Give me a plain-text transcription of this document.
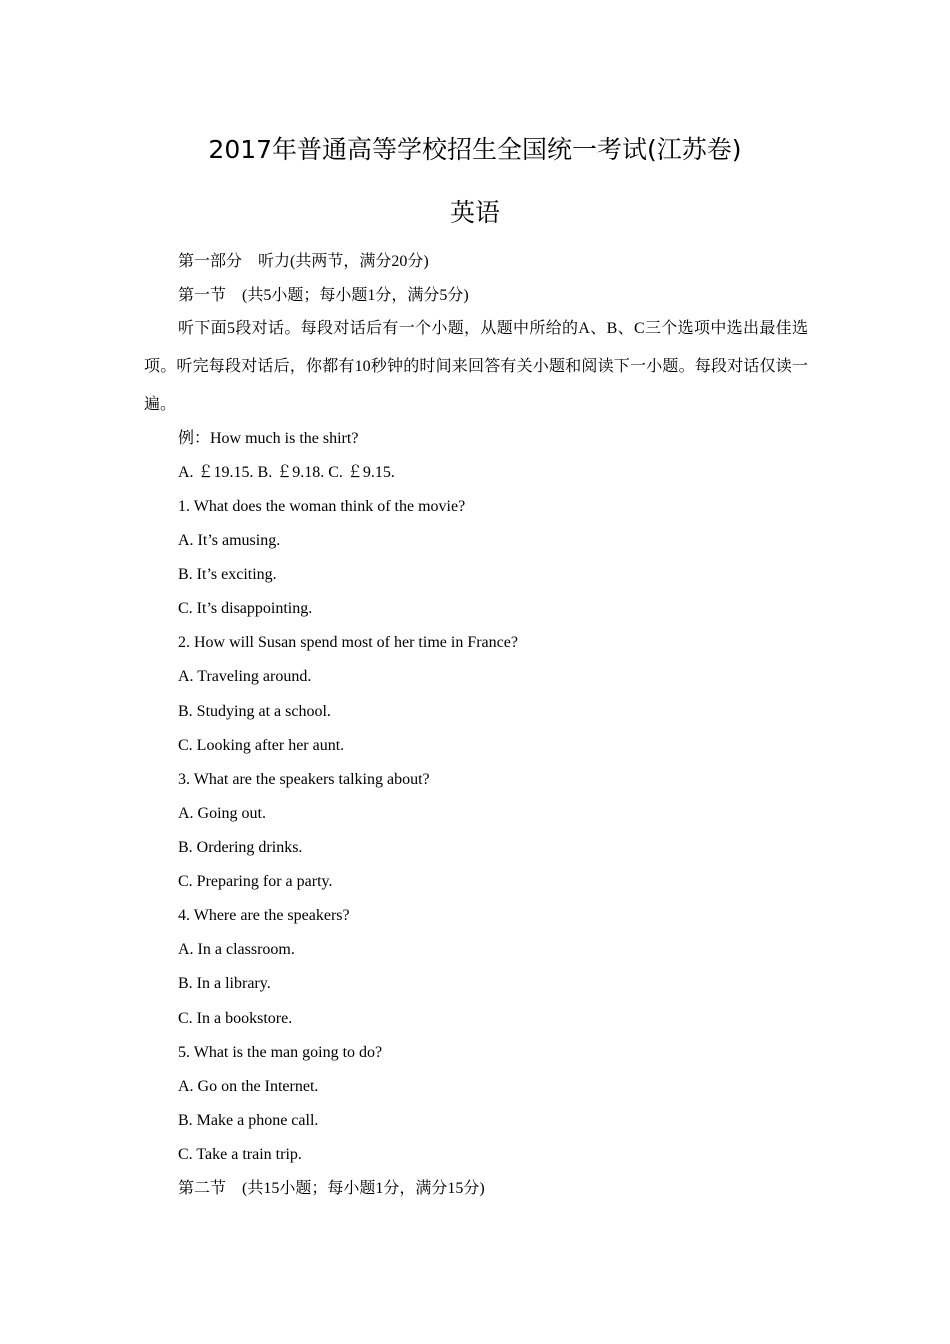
2017年普通高等学校招生全国统一考试(江苏卷)
英语
第一部分 听力(共两节，满分20分)
第一节 (共5小题；每小题1分，满分5分)
听下面5段对话。每段对话后有一个小题，从题中所给的A、B、C三个选项中选出最佳选项。听完每段对话后，你都有10秒钟的时间来回答有关小题和阅读下一小题。每段对话仅读一遍。
例：How much is the shirt?
A. ￡19.15. B. ￡9.18. C. ￡9.15.
1. What does the woman think of the movie?
A. It’s amusing.
B. It’s exciting.
C. It’s disappointing.
2. How will Susan spend most of her time in France?
A. Traveling around.
B. Studying at a school.
C. Looking after her aunt.
3. What are the speakers talking about?
A. Going out.
B. Ordering drinks.
C. Preparing for a party.
4. Where are the speakers?
A. In a classroom.
B. In a library.
C. In a bookstore.
5. What is the man going to do?
A. Go on the Internet.
B. Make a phone call.
C. Take a train trip.
第二节 (共15小题；每小题1分，满分15分)
